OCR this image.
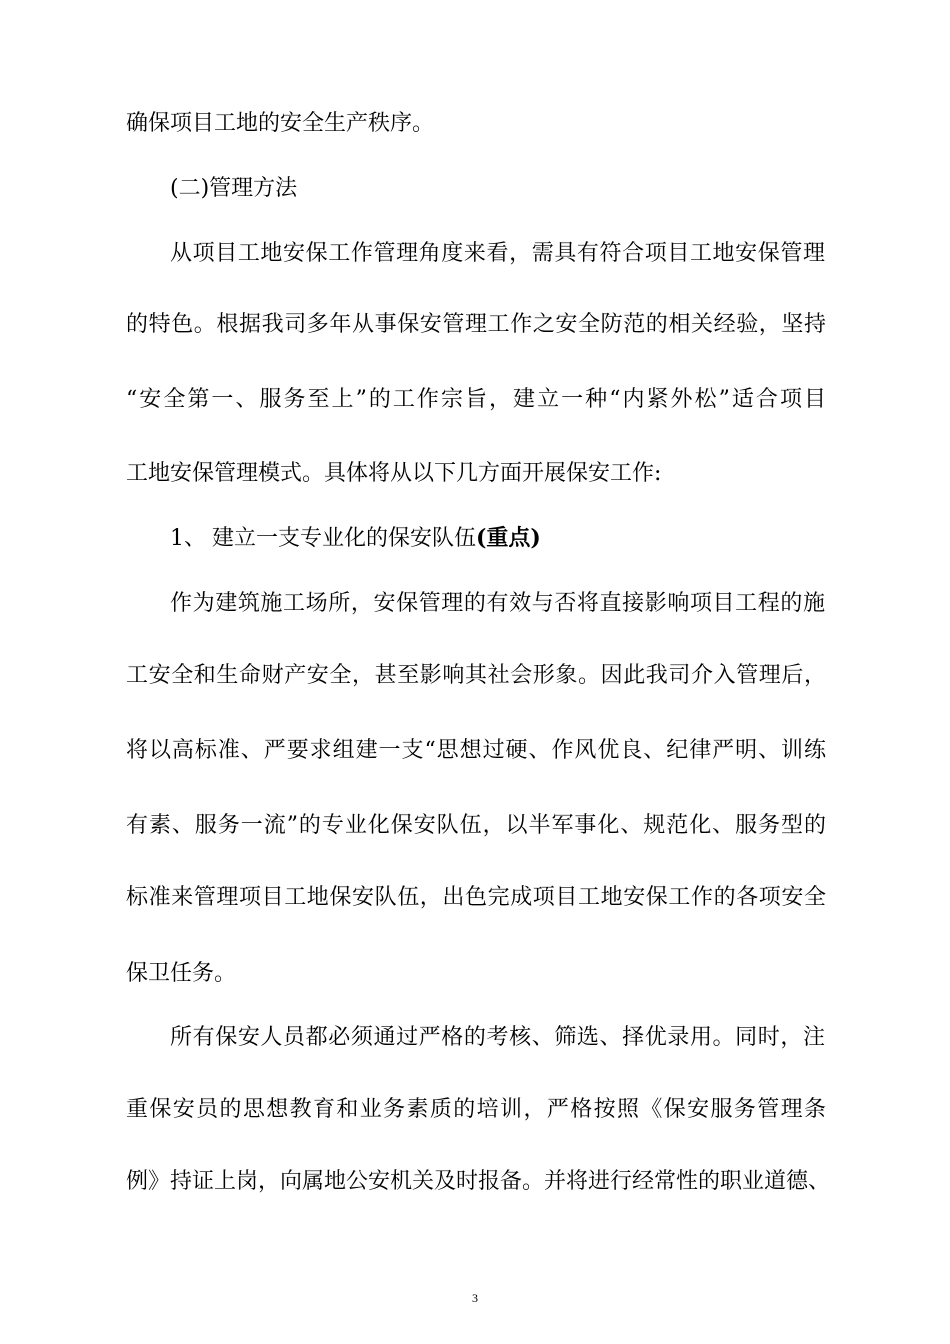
确保项目工地的安全生产秩序。
(二)管理方法
从项目工地安保工作管理角度来看，需具有符合项目工地安保管理
的特色。根据我司多年从事保安管理工作之安全防范的相关经验，坚持
“安全第一、服务至上”的工作宗旨，建立一种“内紧外松”适合项目
工地安保管理模式。具体将从以下几方面开展保安工作:
1、 建立一支专业化的保安队伍(重点)
作为建筑施工场所，安保管理的有效与否将直接影响项目工程的施
工安全和生命财产安全，甚至影响其社会形象。因此我司介入管理后，
将以高标准、严要求组建一支“思想过硬、作风优良、纪律严明、训练
有素、服务一流”的专业化保安队伍，以半军事化、规范化、服务型的
标准来管理项目工地保安队伍，出色完成项目工地安保工作的各项安全
保卫任务。
所有保安人员都必须通过严格的考核、筛选、择优录用。同时，注
重保安员的思想教育和业务素质的培训，严格按照《保安服务管理条
例》持证上岗，向属地公安机关及时报备。并将进行经常性的职业道德、
3
